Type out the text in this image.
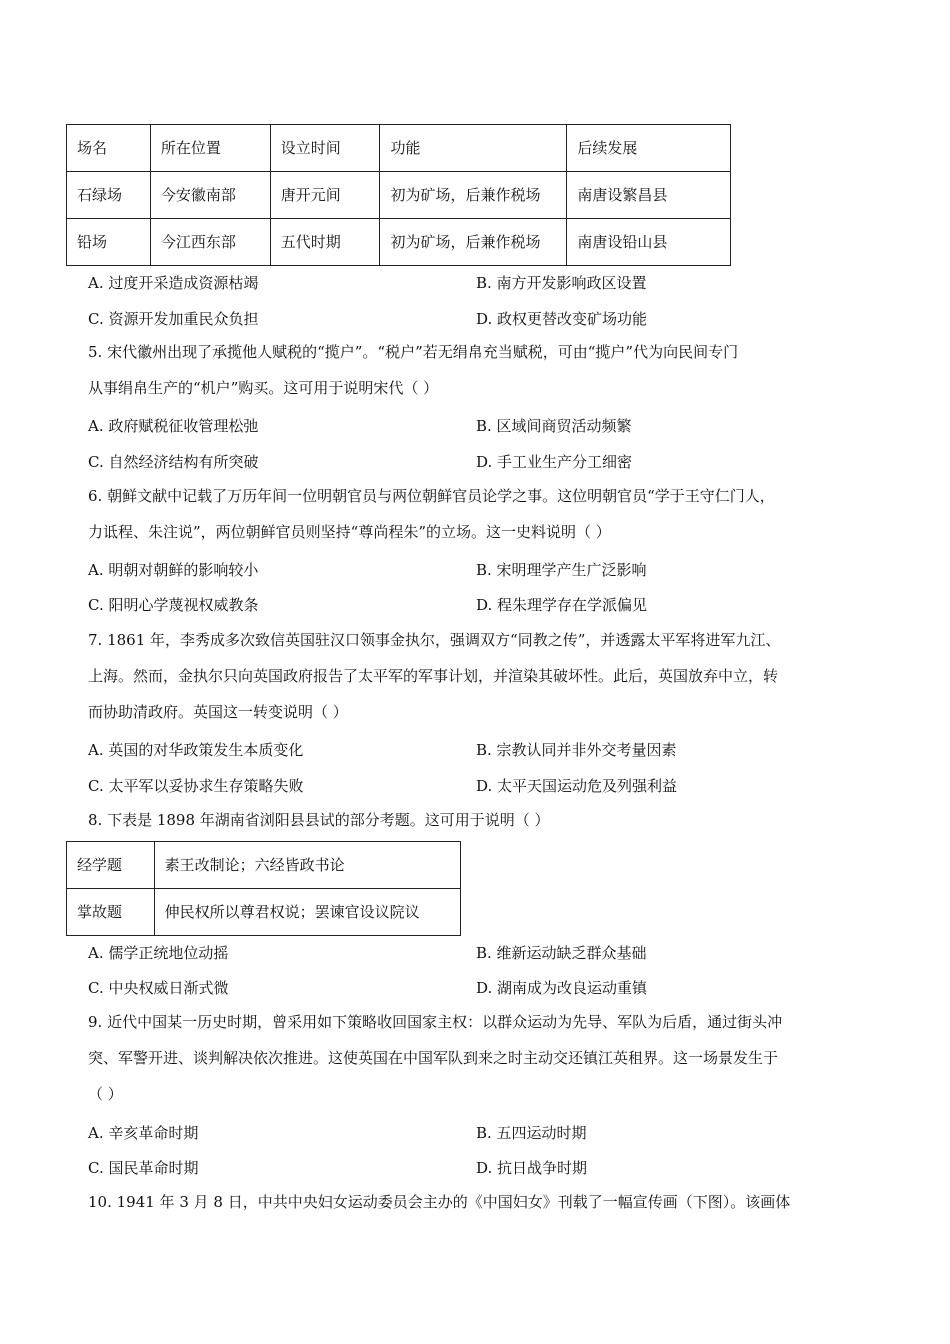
场名	所在位置	设立时间	功能	后续发展
石绿场	今安徽南部	唐开元间	初为矿场，后兼作税场	南唐设繁昌县
铅场	今江西东部	五代时期	初为矿场，后兼作税场	南唐设铅山县
A. 过度开采造成资源枯竭	B. 南方开发影响政区设置
C. 资源开发加重民众负担	D. 政权更替改变矿场功能

5. 宋代徽州出现了承揽他人赋税的“揽户”。“税户”若无绢帛充当赋税，可由“揽户”代为向民间专门

从事绢帛生产的“机户”购买。这可用于说明宋代（ ）

A. 政府赋税征收管理松弛	B. 区域间商贸活动频繁
C. 自然经济结构有所突破	D. 手工业生产分工细密

6. 朝鲜文献中记载了万历年间一位明朝官员与两位朝鲜官员论学之事。这位明朝官员“学于王守仁门人，

力诋程、朱注说”，两位朝鲜官员则坚持“尊尚程朱”的立场。这一史料说明（ ）

A. 明朝对朝鲜的影响较小	B. 宋明理学产生广泛影响
C. 阳明心学蔑视权威教条	D. 程朱理学存在学派偏见

7. 1861 年，李秀成多次致信英国驻汉口领事金执尔，强调双方“同教之传”，并透露太平军将进军九江、

上海。然而，金执尔只向英国政府报告了太平军的军事计划，并渲染其破坏性。此后，英国放弃中立，转

而协助清政府。英国这一转变说明（ ）

A. 英国的对华政策发生本质变化	B. 宗教认同并非外交考量因素
C. 太平军以妥协求生存策略失败	D. 太平天国运动危及列强利益

8. 下表是 1898 年湖南省浏阳县县试的部分考题。这可用于说明（ ）

经学题	素王改制论；六经皆政书论
掌故题	伸民权所以尊君权说；罢谏官设议院议
A. 儒学正统地位动摇	B. 维新运动缺乏群众基础
C. 中央权威日渐式微	D. 湖南成为改良运动重镇

9. 近代中国某一历史时期，曾采用如下策略收回国家主权：以群众运动为先导、军队为后盾，通过街头冲

突、军警开进、谈判解决依次推进。这使英国在中国军队到来之时主动交还镇江英租界。这一场景发生于

（ ）

A. 辛亥革命时期	B. 五四运动时期
C. 国民革命时期	D. 抗日战争时期

10. 1941 年 3 月 8 日，中共中央妇女运动委员会主办的《中国妇女》刊载了一幅宣传画（下图）。该画体
